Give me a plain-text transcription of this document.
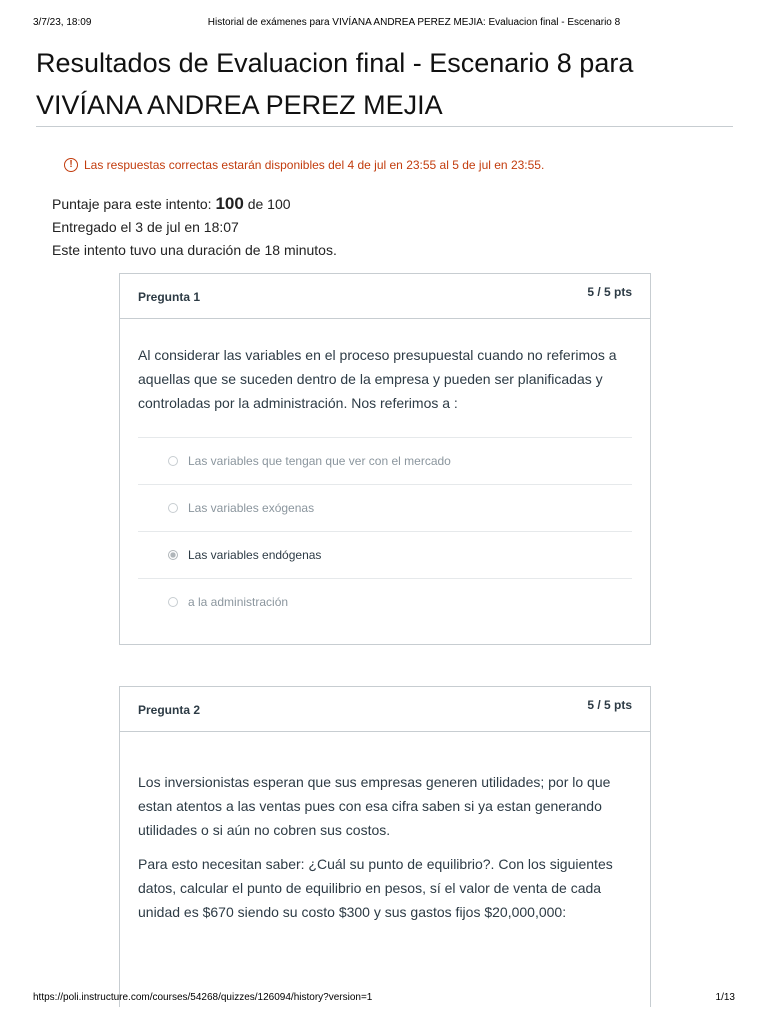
3/7/23, 18:09	Historial de exámenes para VIVÍANA ANDREA PEREZ MEJIA: Evaluacion final - Escenario 8
Resultados de Evaluacion final - Escenario 8 para VIVÍANA ANDREA PEREZ MEJIA
! Las respuestas correctas estarán disponibles del 4 de jul en 23:55 al 5 de jul en 23:55.
Puntaje para este intento: 100 de 100
Entregado el 3 de jul en 18:07
Este intento tuvo una duración de 18 minutos.
Pregunta 1	5 / 5 pts

Al considerar las variables en el proceso presupuestal cuando no referimos a aquellas que se suceden dentro de la empresa y pueden ser planificadas y controladas por la administración. Nos referimos a :

Las variables que tengan que ver con el mercado
Las variables exógenas
Las variables endógenas
a la administración
Pregunta 2	5 / 5 pts

Los inversionistas esperan que sus empresas generen utilidades; por lo que estan atentos a las ventas pues con esa cifra saben si ya estan generando utilidades o si aún no cobren sus costos.

Para esto necesitan saber: ¿Cuál su punto de equilibrio?. Con los siguientes datos, calcular el punto de equilibrio en pesos, sí el valor de venta de cada unidad es $670 siendo su costo $300 y sus gastos fijos $20,000,000:

https://poli.instructure.com/courses/54268/quizzes/126094/history?version=1	1/13
